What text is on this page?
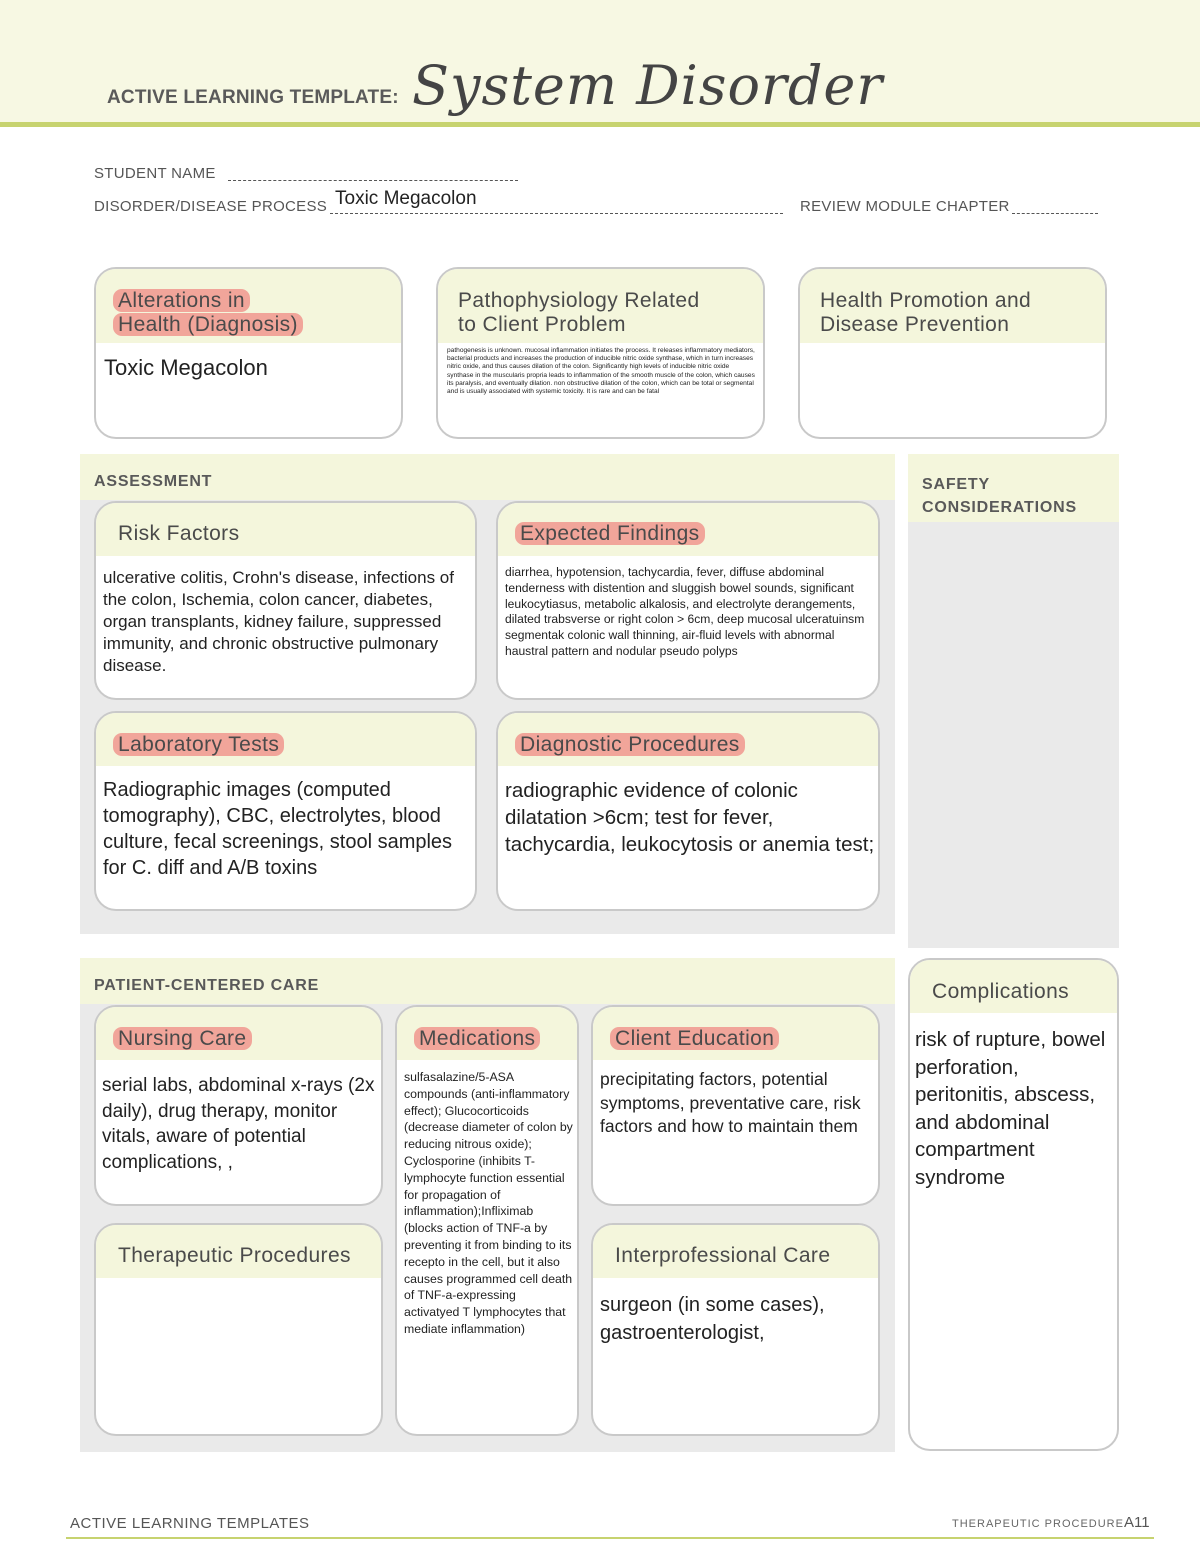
ACTIVE LEARNING TEMPLATE: System Disorder
STUDENT NAME
DISORDER/DISEASE PROCESS Toxic Megacolon	REVIEW MODULE CHAPTER
Alterations in
Health (Diagnosis)
Toxic Megacolon
Pathophysiology Related
to Client Problem
pathogenesis is unknown. mucosal inflammation initiates the process. It releases inflammatory mediators, bacterial products and increases the production of inducible nitric oxide synthase, which in turn increases nitric oxide, and thus causes dilation of the colon. Significantly high levels of inducible nitric oxide synthase in the muscularis propria leads to inflammation of the smooth muscle of the colon, which causes its paralysis, and eventually dilation. non obstructive dilation of the colon, which can be total or segmental and is usually associated with systemic toxicity. It is rare and can be fatal
Health Promotion and
Disease Prevention
ASSESSMENT
Risk Factors
ulcerative colitis, Crohn's disease, infections of the colon, Ischemia, colon cancer, diabetes, organ transplants, kidney failure, suppressed immunity, and chronic obstructive pulmonary disease.
Expected Findings
diarrhea, hypotension, tachycardia, fever, diffuse abdominal tenderness with distention and sluggish bowel sounds, significant leukocytiasus, metabolic alkalosis, and electrolyte derangements, dilated trabsverse or right colon > 6cm, deep mucosal ulceratuinsm segmentak colonic wall thinning, air-fluid levels with abnormal haustral pattern and nodular pseudo polyps
Laboratory Tests
Radiographic images (computed tomography), CBC, electrolytes, blood culture, fecal screenings, stool samples for C. diff and A/B toxins
Diagnostic Procedures
radiographic evidence of colonic dilatation >6cm; test for fever, tachycardia, leukocytosis or anemia test;
SAFETY CONSIDERATIONS
PATIENT-CENTERED CARE
Nursing Care
serial labs, abdominal x-rays (2x daily), drug therapy, monitor vitals, aware of potential complications, ,
Medications
sulfasalazine/5-ASA compounds (anti-inflammatory effect); Glucocorticoids (decrease diameter of colon by reducing nitrous oxide); Cyclosporine (inhibits T-lymphocyte function essential for propagation of inflammation);Infliximab (blocks action of TNF-a by preventing it from binding to its recepto in the cell, but it also causes programmed cell death of TNF-a-expressing activatyed T lymphocytes that mediate inflammation)
Client Education
precipitating factors, potential symptoms, preventative care, risk factors and how to maintain them
Therapeutic Procedures	Interprofessional Care
surgeon (in some cases), gastroenterologist,
Complications
risk of rupture, bowel perforation, peritonitis, abscess, and abdominal compartment syndrome
ACTIVE LEARNING TEMPLATES	THERAPEUTIC PROCEDURE A11
